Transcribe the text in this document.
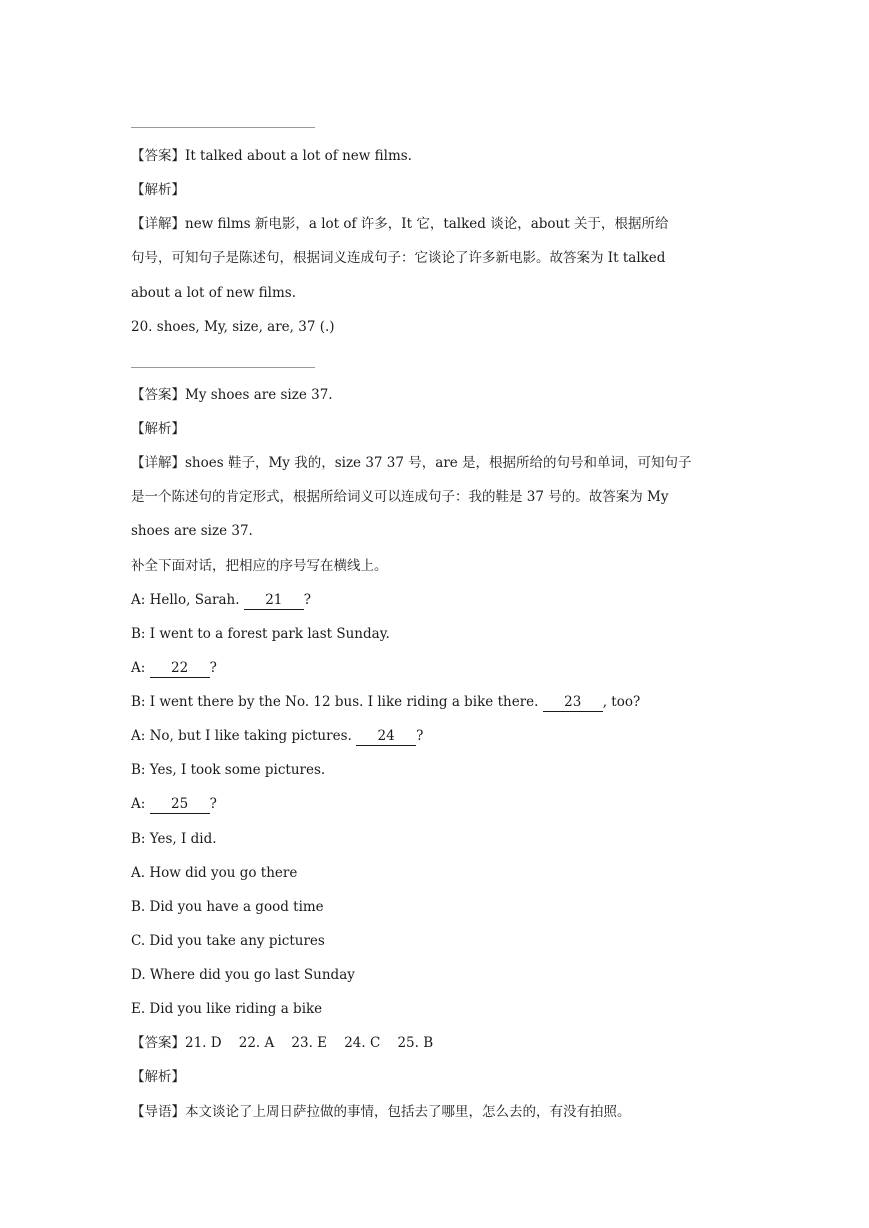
【答案】It talked about a lot of new films.
【解析】
【详解】new films 新电影，a lot of 许多，It 它，talked 谈论，about 关于，根据所给
句号，可知句子是陈述句，根据词义连成句子：它谈论了许多新电影。故答案为 It talked
about a lot of new films.
20. shoes, My, size, are, 37 (.)
【答案】My shoes are size 37.
【解析】
【详解】shoes 鞋子，My 我的，size 37 37 号，are 是，根据所给的句号和单词，可知句子
是一个陈述句的肯定形式，根据所给词义可以连成句子：我的鞋是 37 号的。故答案为 My
shoes are size 37.
补全下面对话，把相应的序号写在横线上。
A: Hello, Sarah. 21 ?
B: I went to a forest park last Sunday.
A: 22 ?
B: I went there by the No. 12 bus. I like riding a bike there. 23 , too?
A: No, but I like taking pictures. 24 ?
B: Yes, I took some pictures.
A: 25 ?
B: Yes, I did.
A. How did you go there
B. Did you have a good time
C. Did you take any pictures
D. Where did you go last Sunday
E. Did you like riding a bike
【答案】21. D    22. A    23. E    24. C    25. B
【解析】
【导语】本文谈论了上周日萨拉做的事情，包括去了哪里，怎么去的，有没有拍照。
